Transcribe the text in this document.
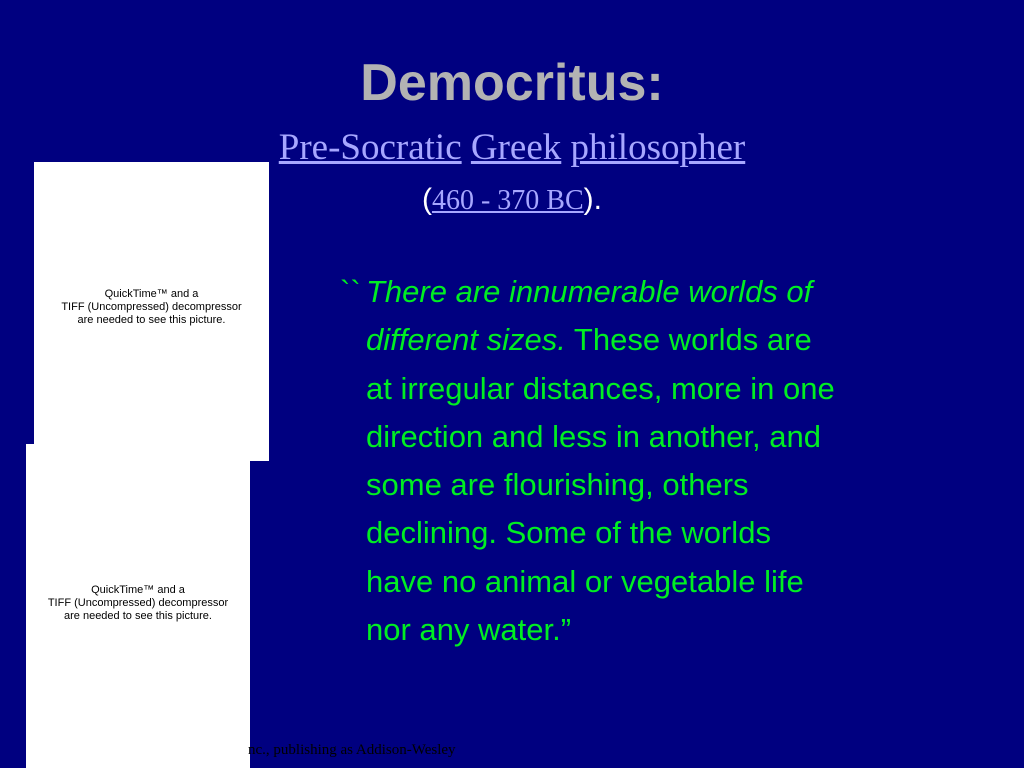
Democritus:
Pre-Socratic Greek philosopher
(460 - 370 BC).
QuickTime™ and a
TIFF (Uncompressed) decompressor
are needed to see this picture.
QuickTime™ and a
TIFF (Uncompressed) decompressor
are needed to see this picture.
`` There are innumerable worlds of
different sizes. These worlds are
at irregular distances, more in one
direction and less in another, and
some are flourishing, others
declining. Some of the worlds
have no animal or vegetable life
nor any water.”
nc., publishing as Addison-Wesley
